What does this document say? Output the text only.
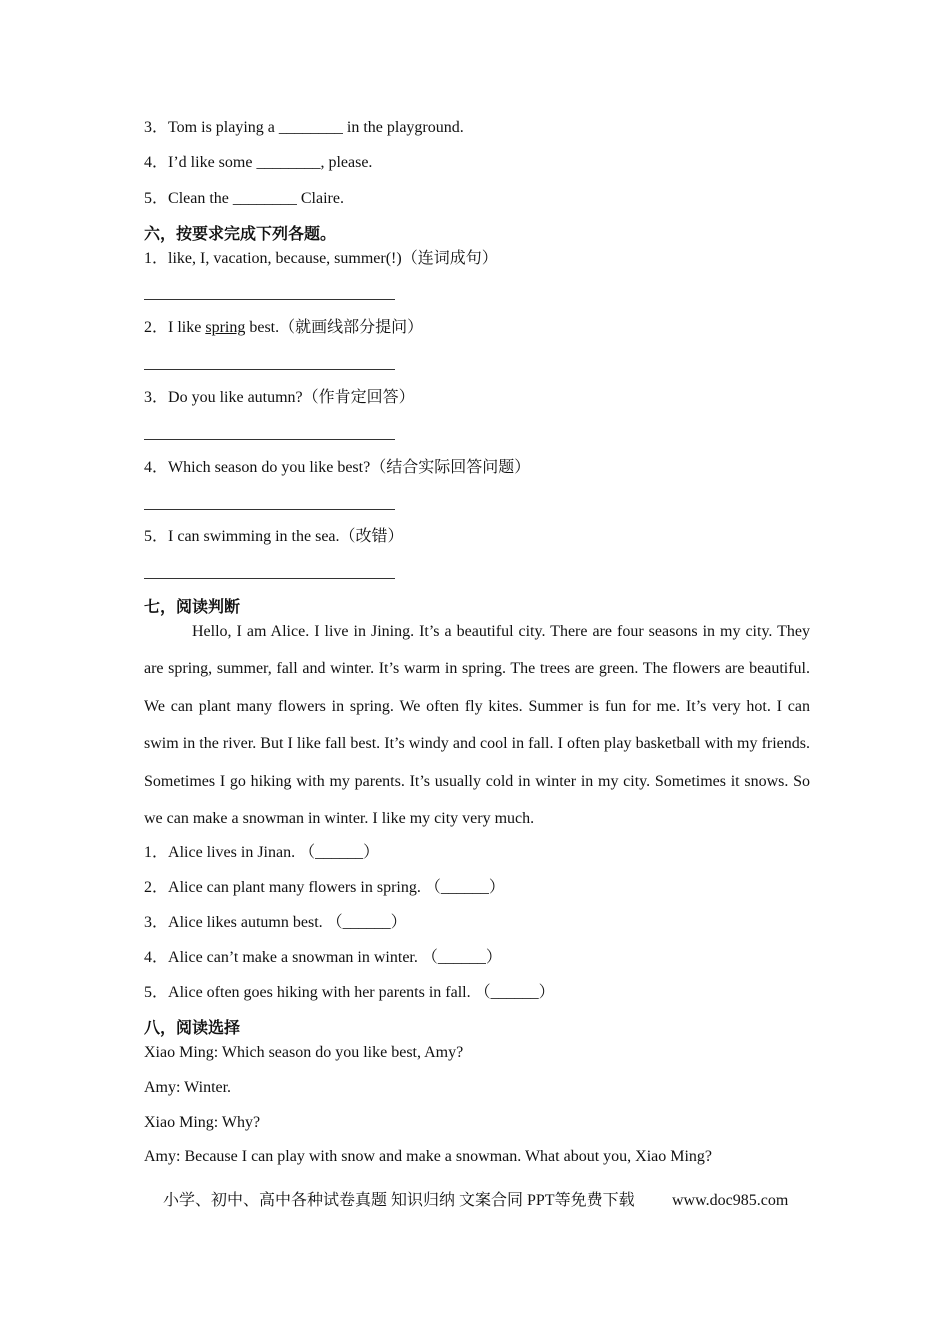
3．Tom is playing a ________ in the playground.
4．I’d like some ________, please.
5．Clean the ________ Claire.
六，按要求完成下列各题。
1．like, I, vacation, because, summer(!)（连词成句）
2．I like spring best.（就画线部分提问）
3．Do you like autumn?（作肯定回答）
4．Which season do you like best?（结合实际回答问题）
5．I can swimming in the sea.（改错）
七，阅读判断
Hello, I am Alice. I live in Jining. It’s a beautiful city. There are four seasons in my city. They are spring, summer, fall and winter. It’s warm in spring. The trees are green. The flowers are beautiful. We can plant many flowers in spring. We often fly kites. Summer is fun for me. It’s very hot. I can swim in the river. But I like fall best. It’s windy and cool in fall. I often play basketball with my friends. Sometimes I go hiking with my parents. It’s usually cold in winter in my city. Sometimes it snows. So we can make a snowman in winter. I like my city very much.
1．Alice lives in Jinan. （______）
2．Alice can plant many flowers in spring. （______）
3．Alice likes autumn best. （______）
4．Alice can’t make a snowman in winter. （______）
5．Alice often goes hiking with her parents in fall. （______）
八，阅读选择
Xiao Ming: Which season do you like best, Amy?
Amy: Winter.
Xiao Ming: Why?
Amy: Because I can play with snow and make a snowman. What about you, Xiao Ming?
小学、初中、高中各种试卷真题 知识归纳 文案合同 PPT等免费下载 www.doc985.com
